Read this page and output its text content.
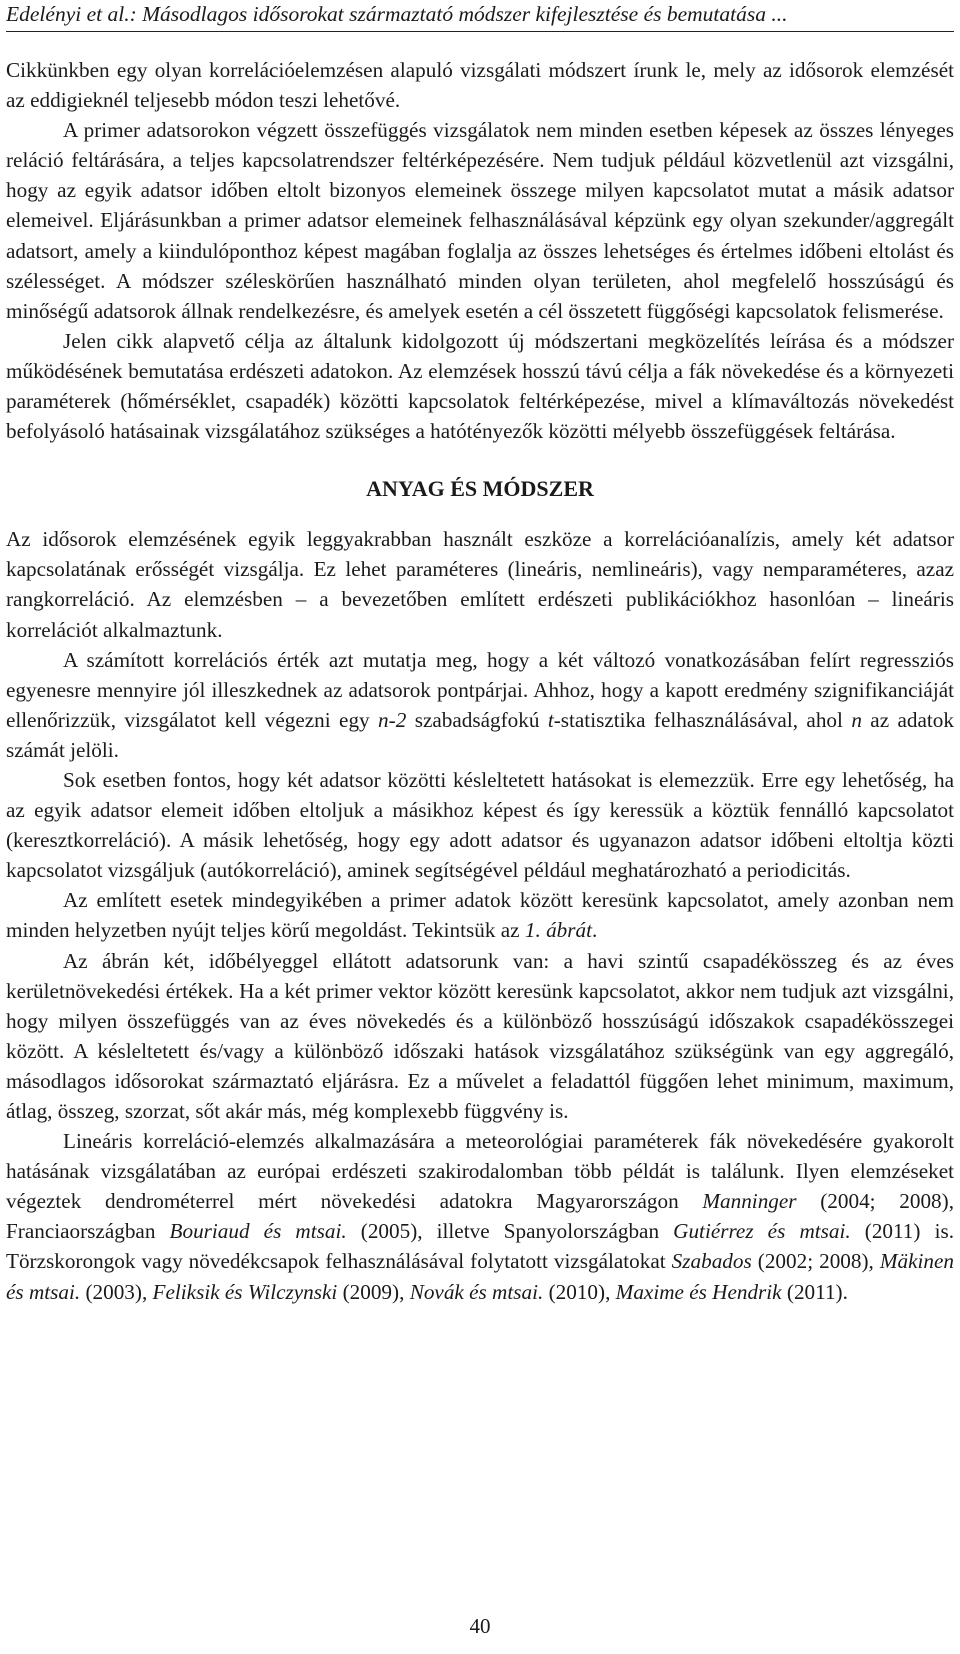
Edelényi et al.: Másodlagos idősorokat származtató módszer kifejlesztése és bemutatása ...

Cikkünkben egy olyan korrelációelemzésen alapuló vizsgálati módszert írunk le, mely az idősorok elemzését az eddigieknél teljesebb módon teszi lehetővé.

A primer adatsorokon végzett összefüggés vizsgálatok nem minden esetben képesek az összes lényeges reláció feltárására, a teljes kapcsolatrendszer feltérképezésére. Nem tudjuk például közvetlenül azt vizsgálni, hogy az egyik adatsor időben eltolt bizonyos elemeinek összege milyen kapcsolatot mutat a másik adatsor elemeivel. Eljárásunkban a primer adatsor elemeinek felhasználásával képzünk egy olyan szekunder/aggregált adatsort, amely a kiindulóponthoz képest magában foglalja az összes lehetséges és értelmes időbeni eltolást és szélességet. A módszer széleskörűen használható minden olyan területen, ahol megfelelő hosszúságú és minőségű adatsorok állnak rendelkezésre, és amelyek esetén a cél összetett függőségi kapcsolatok felismerése.

Jelen cikk alapvető célja az általunk kidolgozott új módszertani megközelítés leírása és a módszer működésének bemutatása erdészeti adatokon. Az elemzések hosszú távú célja a fák növekedése és a környezeti paraméterek (hőmérséklet, csapadék) közötti kapcsolatok feltérképezése, mivel a klímaváltozás növekedést befolyásoló hatásainak vizsgálatához szükséges a hatótényezők közötti mélyebb összefüggések feltárása.

ANYAG ÉS MÓDSZER

Az idősorok elemzésének egyik leggyakrabban használt eszköze a korrelációanalízis, amely két adatsor kapcsolatának erősségét vizsgálja. Ez lehet paraméteres (lineáris, nemlineáris), vagy nemparaméteres, azaz rangkorreláció. Az elemzésben – a bevezetőben említett erdészeti publikációkhoz hasonlóan – lineáris korrelációt alkalmaztunk.

A számított korrelációs érték azt mutatja meg, hogy a két változó vonatkozásában felírt regressziós egyenesre mennyire jól illeszkednek az adatsorok pontpárjai. Ahhoz, hogy a kapott eredmény szignifikanciáját ellenőrizzük, vizsgálatot kell végezni egy n-2 szabadságfokú t-statisztika felhasználásával, ahol n az adatok számát jelöli.

Sok esetben fontos, hogy két adatsor közötti késleltetett hatásokat is elemezzük. Erre egy lehetőség, ha az egyik adatsor elemeit időben eltoljuk a másikhoz képest és így keressük a köztük fennálló kapcsolatot (keresztkorreláció). A másik lehetőség, hogy egy adott adatsor és ugyanazon adatsor időbeni eltoltja közti kapcsolatot vizsgáljuk (autókorreláció), aminek segítségével például meghatározható a periodicitás.

Az említett esetek mindegyikében a primer adatok között keresünk kapcsolatot, amely azonban nem minden helyzetben nyújt teljes körű megoldást. Tekintsük az 1. ábrát.

Az ábrán két, időbélyeggel ellátott adatsorunk van: a havi szintű csapadékösszeg és az éves kerületnövekedési értékek. Ha a két primer vektor között keresünk kapcsolatot, akkor nem tudjuk azt vizsgálni, hogy milyen összefüggés van az éves növekedés és a különböző hosszúságú időszakok csapadékösszegei között. A késleltetett és/vagy a különböző időszaki hatások vizsgálatához szükségünk van egy aggregáló, másodlagos idősorokat származtató eljárásra. Ez a művelet a feladattól függően lehet minimum, maximum, átlag, összeg, szorzat, sőt akár más, még komplexebb függvény is.

Lineáris korreláció-elemzés alkalmazására a meteorológiai paraméterek fák növekedésére gyakorolt hatásának vizsgálatában az európai erdészeti szakirodalomban több példát is találunk. Ilyen elemzéseket végeztek dendrométerrel mért növekedési adatokra Magyarországon Manninger (2004; 2008), Franciaországban Bouriaud és mtsai. (2005), illetve Spanyolországban Gutiérrez és mtsai. (2011) is. Törzskorongok vagy növedékcsapok felhasználásával folytatott vizsgálatokat Szabados (2002; 2008), Mäkinen és mtsai. (2003), Feliksik és Wilczynski (2009), Novák és mtsai. (2010), Maxime és Hendrik (2011).

40
